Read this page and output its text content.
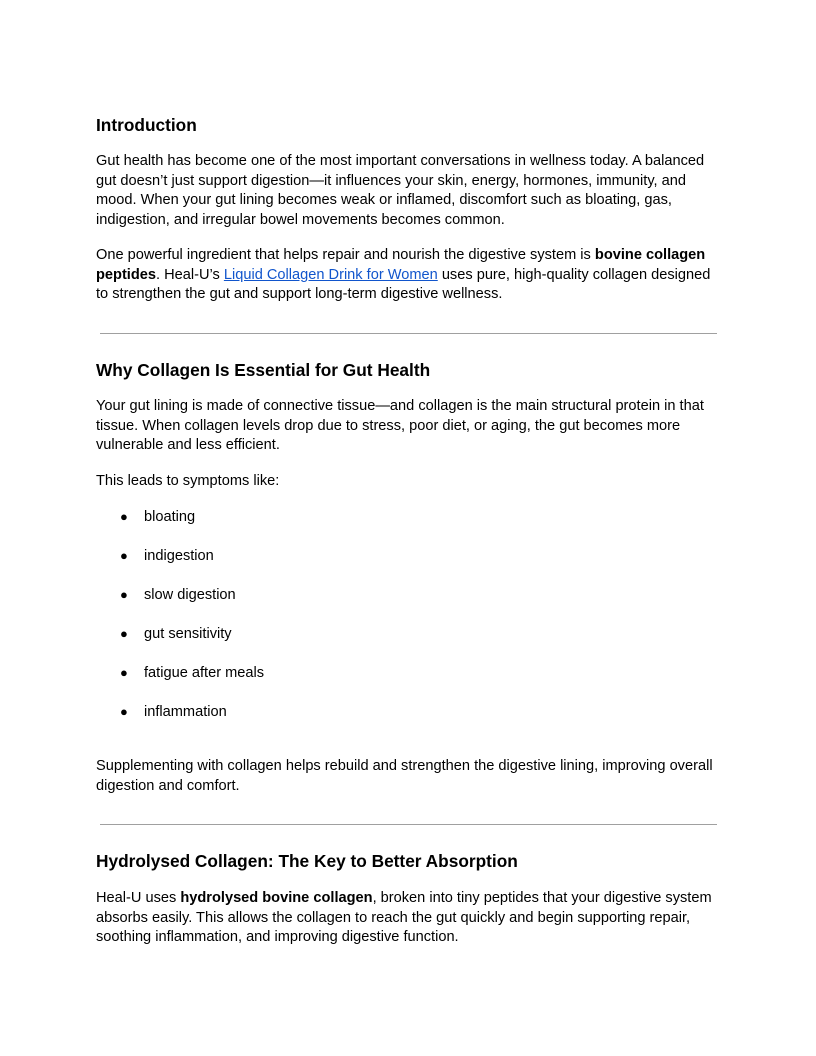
Introduction

Gut health has become one of the most important conversations in wellness today. A balanced gut doesn’t just support digestion—it influences your skin, energy, hormones, immunity, and mood. When your gut lining becomes weak or inflamed, discomfort such as bloating, gas, indigestion, and irregular bowel movements becomes common.

One powerful ingredient that helps repair and nourish the digestive system is bovine collagen peptides. Heal-U’s Liquid Collagen Drink for Women uses pure, high-quality collagen designed to strengthen the gut and support long-term digestive wellness.

Why Collagen Is Essential for Gut Health

Your gut lining is made of connective tissue—and collagen is the main structural protein in that tissue. When collagen levels drop due to stress, poor diet, or aging, the gut becomes more vulnerable and less efficient.

This leads to symptoms like:

● bloating
● indigestion
● slow digestion
● gut sensitivity
● fatigue after meals
● inflammation

Supplementing with collagen helps rebuild and strengthen the digestive lining, improving overall digestion and comfort.

Hydrolysed Collagen: The Key to Better Absorption

Heal-U uses hydrolysed bovine collagen, broken into tiny peptides that your digestive system absorbs easily. This allows the collagen to reach the gut quickly and begin supporting repair, soothing inflammation, and improving digestive function.
